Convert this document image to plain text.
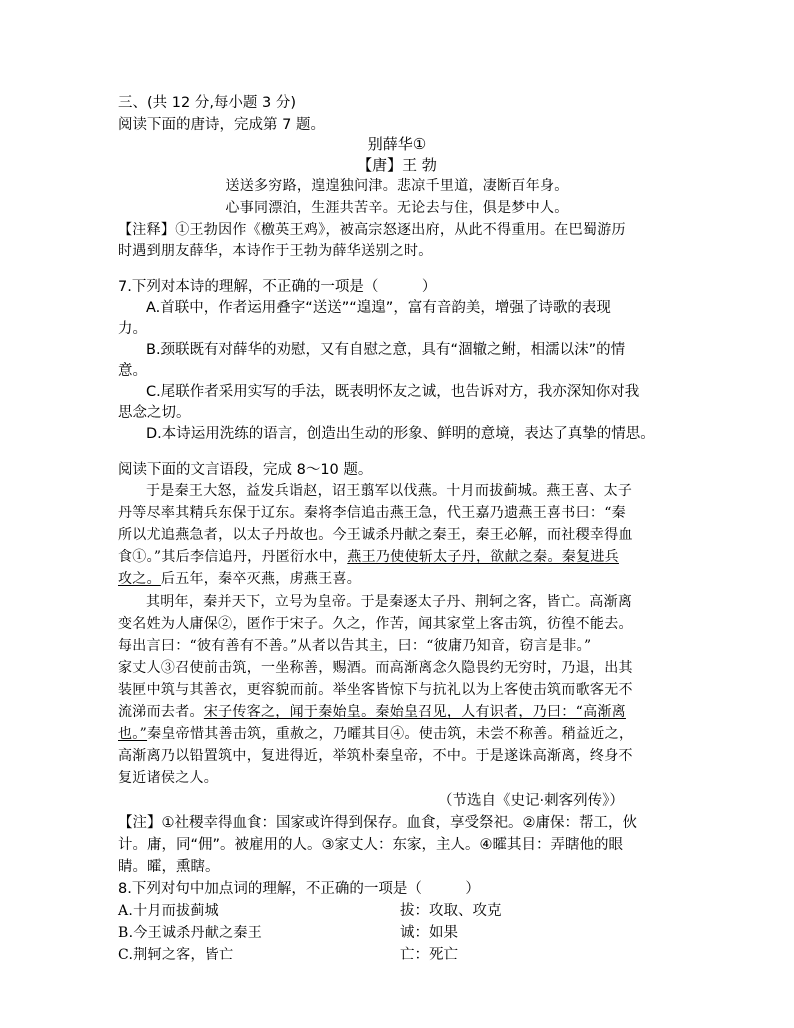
三、(共 12 分,每小题 3 分)
阅读下面的唐诗，完成第 7 题。
别薛华①
【唐】王 勃
送送多穷路，遑遑独问津。悲凉千里道，凄断百年身。
心事同漂泊，生涯共苦辛。无论去与住，俱是梦中人。
【注释】①王勃因作《檄英王鸡》，被高宗怒逐出府，从此不得重用。在巴蜀游历
时遇到朋友薛华，本诗作于王勃为薛华送别之时。
7.下列对本诗的理解，不正确的一项是（　　　）
A.首联中，作者运用叠字“送送”“遑遑”，富有音韵美，增强了诗歌的表现
力。
B.颈联既有对薛华的劝慰，又有自慰之意，具有“涸辙之鲋，相濡以沫”的情
意。
C.尾联作者采用实写的手法，既表明怀友之诚，也告诉对方，我亦深知你对我
思念之切。
D.本诗运用洗练的语言，创造出生动的形象、鲜明的意境，表达了真挚的情思。
阅读下面的文言语段，完成 8～10 题。
于是秦王大怒，益发兵诣赵，诏王翦军以伐燕。十月而拔蓟城。燕王喜、太子
丹等尽率其精兵东保于辽东。秦将李信追击燕王急，代王嘉乃遗燕王喜书曰：“秦
所以尤追燕急者，以太子丹故也。今王诚杀丹献之秦王，秦王必解，而社稷幸得血
食①。”其后李信追丹，丹匿衍水中，燕王乃使使斩太子丹，欲献之秦。秦复进兵
攻之。后五年，秦卒灭燕，虏燕王喜。
其明年，秦并天下，立号为皇帝。于是秦逐太子丹、荆轲之客，皆亡。高渐离
变名姓为人庸保②，匿作于宋子。久之，作苦，闻其家堂上客击筑，彷徨不能去。
每出言曰：“彼有善有不善。”从者以告其主，曰：“彼庸乃知音，窃言是非。”
家丈人③召使前击筑，一坐称善，赐酒。而高渐离念久隐畏约无穷时，乃退，出其
装匣中筑与其善衣，更容貌而前。举坐客皆惊下与抗礼以为上客使击筑而歌客无不
流涕而去者。宋子传客之，闻于秦始皇。秦始皇召见，人有识者，乃曰：“高渐离
也。”秦皇帝惜其善击筑，重赦之，乃曤其目④。使击筑，未尝不称善。稍益近之，
高渐离乃以铅置筑中，复进得近，举筑朴秦皇帝，不中。于是遂诛高渐离，终身不
复近诸侯之人。
（节选自《史记·刺客列传》）
【注】①社稷幸得血食：国家或许得到保存。血食，享受祭祀。②庸保：帮工，伙
计。庸，同“佣”。被雇用的人。③家丈人：东家，主人。④曤其目：弄瞎他的眼
睛。曤，熏瞎。
8.下列对句中加点词的理解，不正确的一项是（　　　）
A.十月而拔蓟城	拔：攻取、攻克
B.今王诚杀丹献之秦王	诚：如果
C.荆轲之客，皆亡	亡：死亡
